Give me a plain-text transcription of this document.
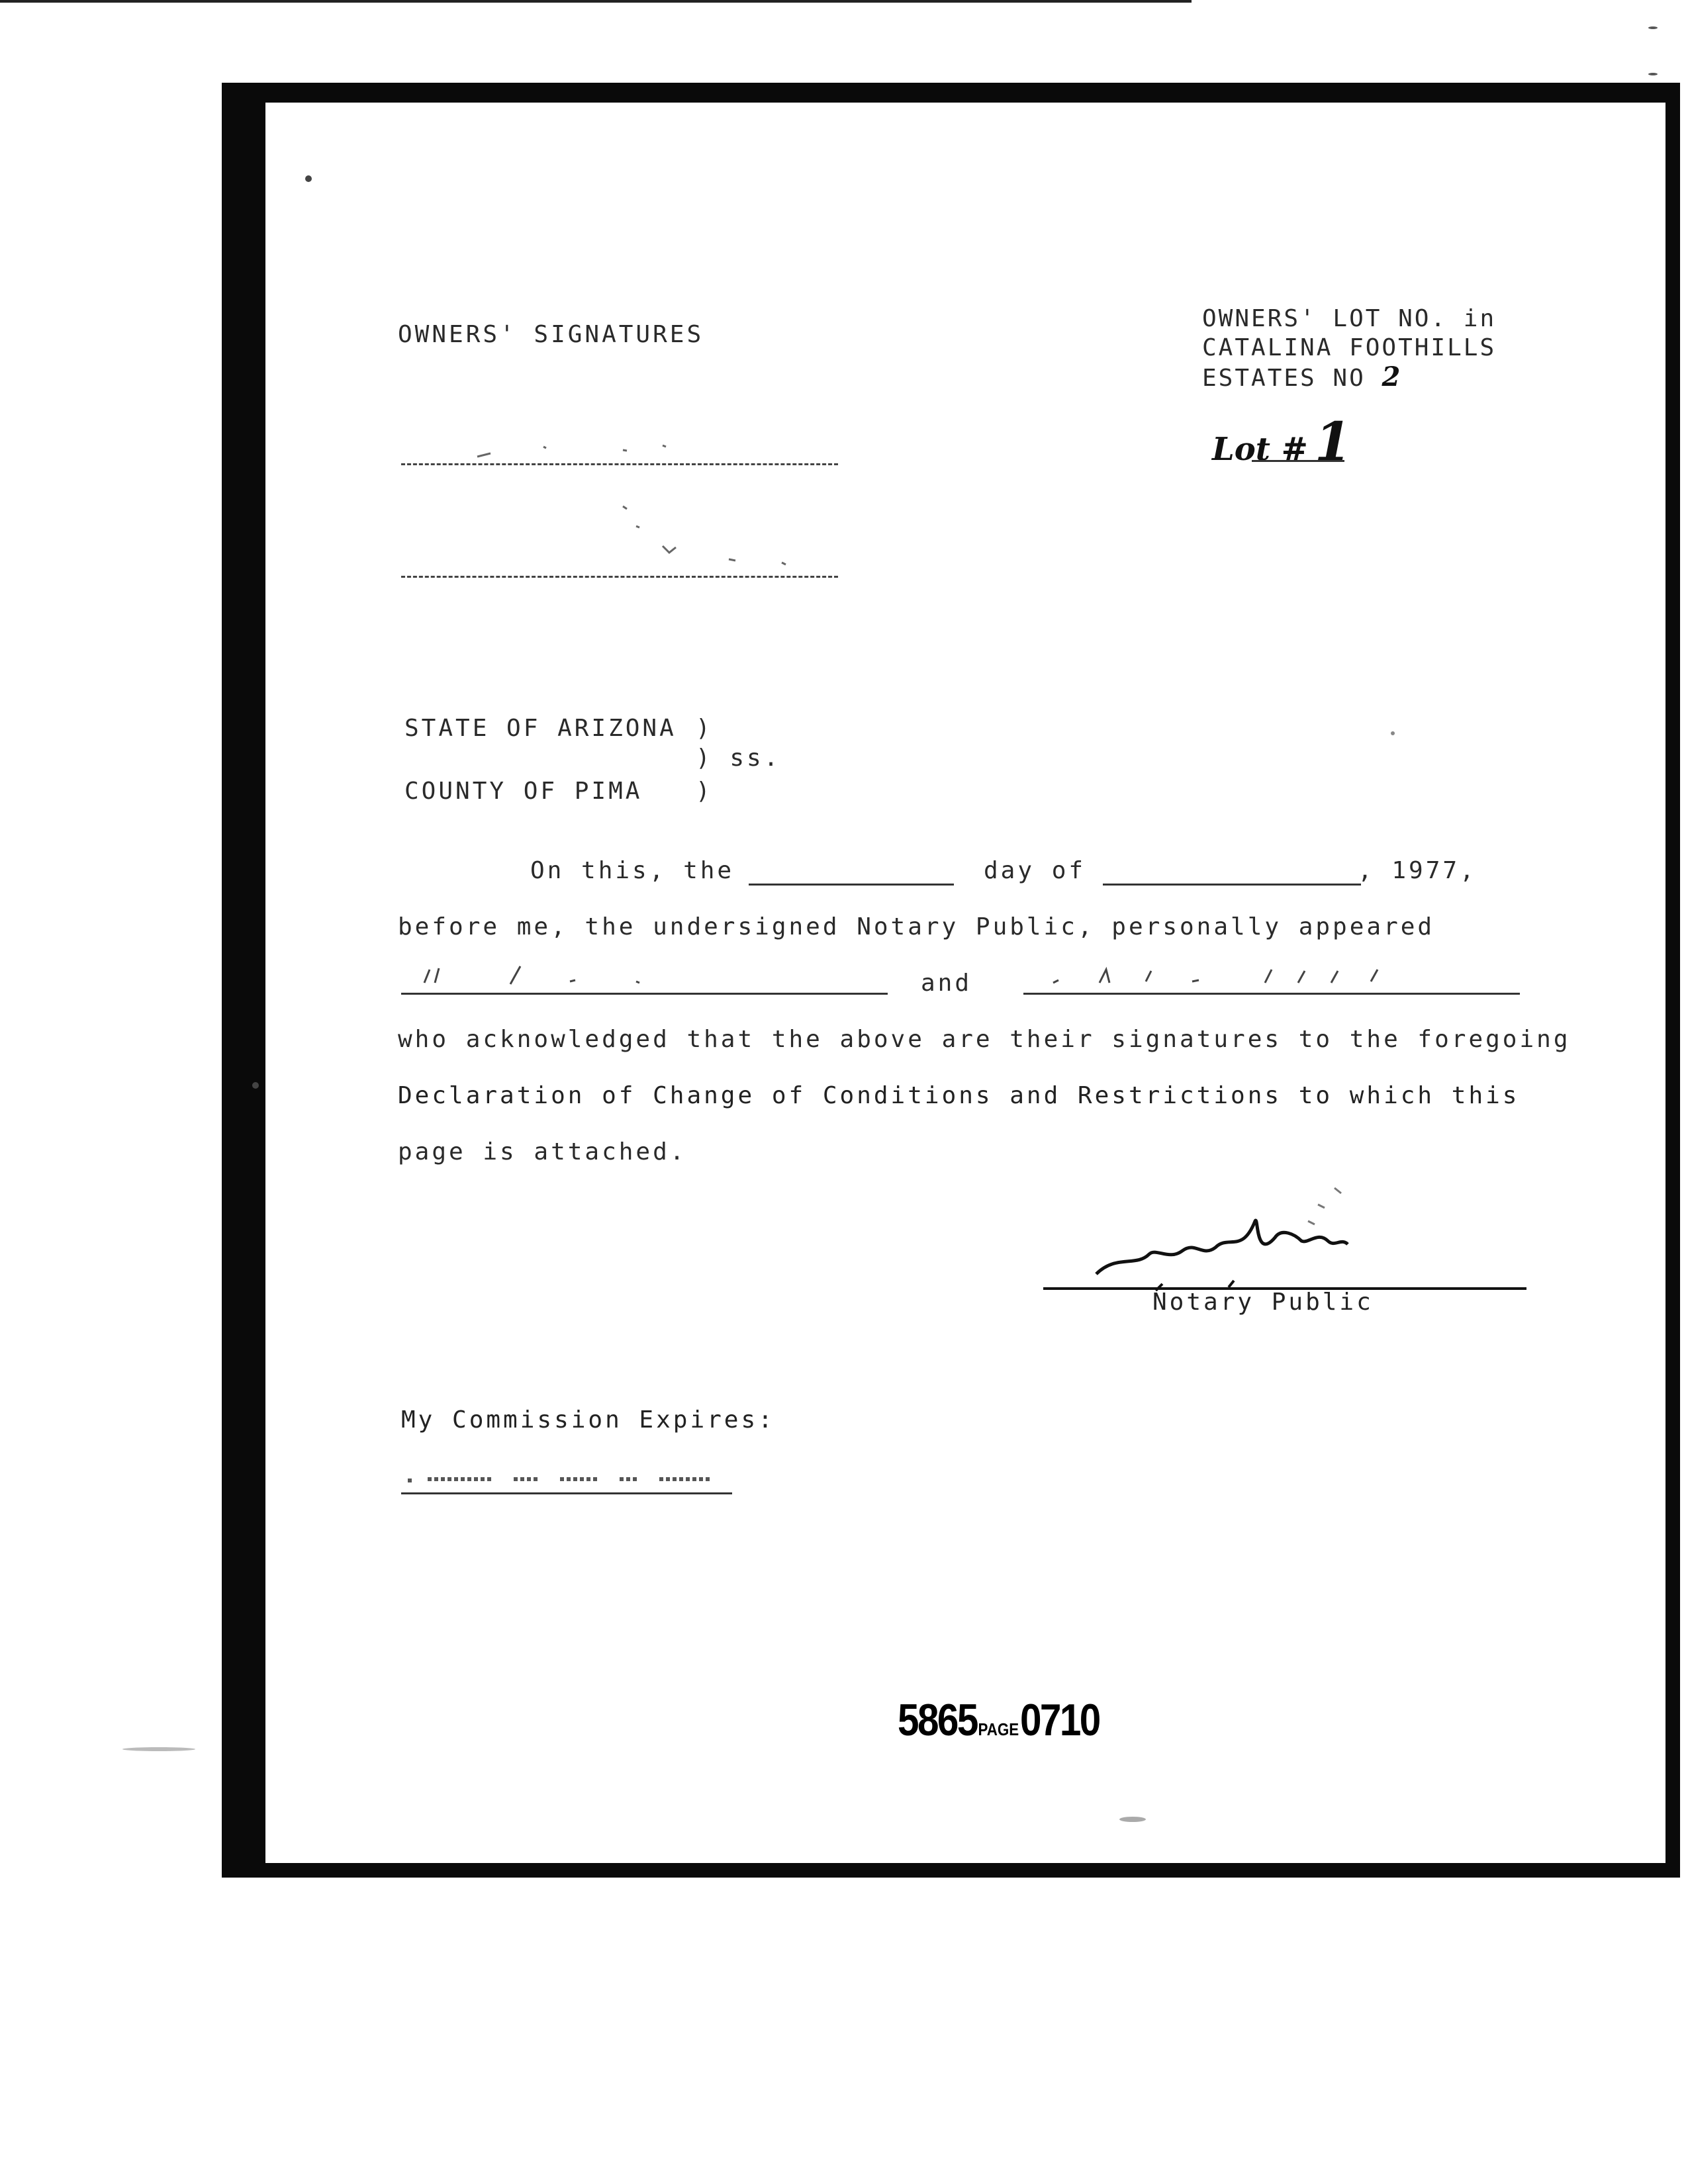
OWNERS' SIGNATURES
OWNERS' LOT NO. in
CATALINA FOOTHILLS
ESTATES NO 2
Lot # 1
STATE OF ARIZONA )
) ss.
COUNTY OF PIMA )
On this, the	day of	, 1977,
before me, the undersigned Notary Public, personally appeared
and
who acknowledged that the above are their signatures to the foregoing
Declaration of Change of Conditions and Restrictions to which this
page is attached.
Notary Public
My Commission Expires:
5865PAGE0710
